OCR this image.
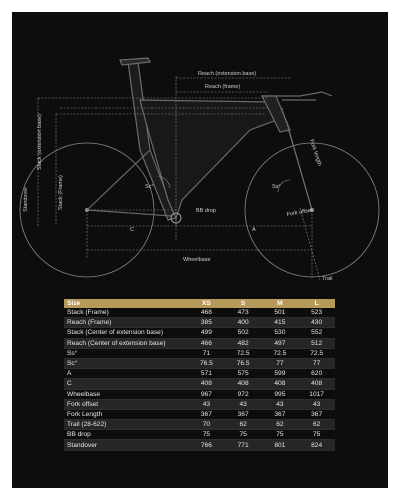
Reach (extension base)
Reach (frame)
Stack (extension base)
Stack (Frame)
Standover
Fork length
Ss°
Sc°
BB drop	Fork offset
A
C
Wheelbase
Trail
Size	XS	S	M	L
Stack (Frame)	468	473	501	523
Reach (Frame)	385	400	415	430
Stack (Center of extension base)	499	502	530	552
Reach (Center of extension base)	466	482	497	512
Ss°	71	72.5	72.5	72.5
Sc°	76.5	76.5	77	77
A	571	575	599	620
C	408	408	408	408
Wheelbase	967	972	995	1017
Fork offset	43	43	43	43
Fork Length	367	367	367	367
Trail (28-622)	70	62	62	62
BB drop	75	75	75	75
Standover	766	771	801	824
